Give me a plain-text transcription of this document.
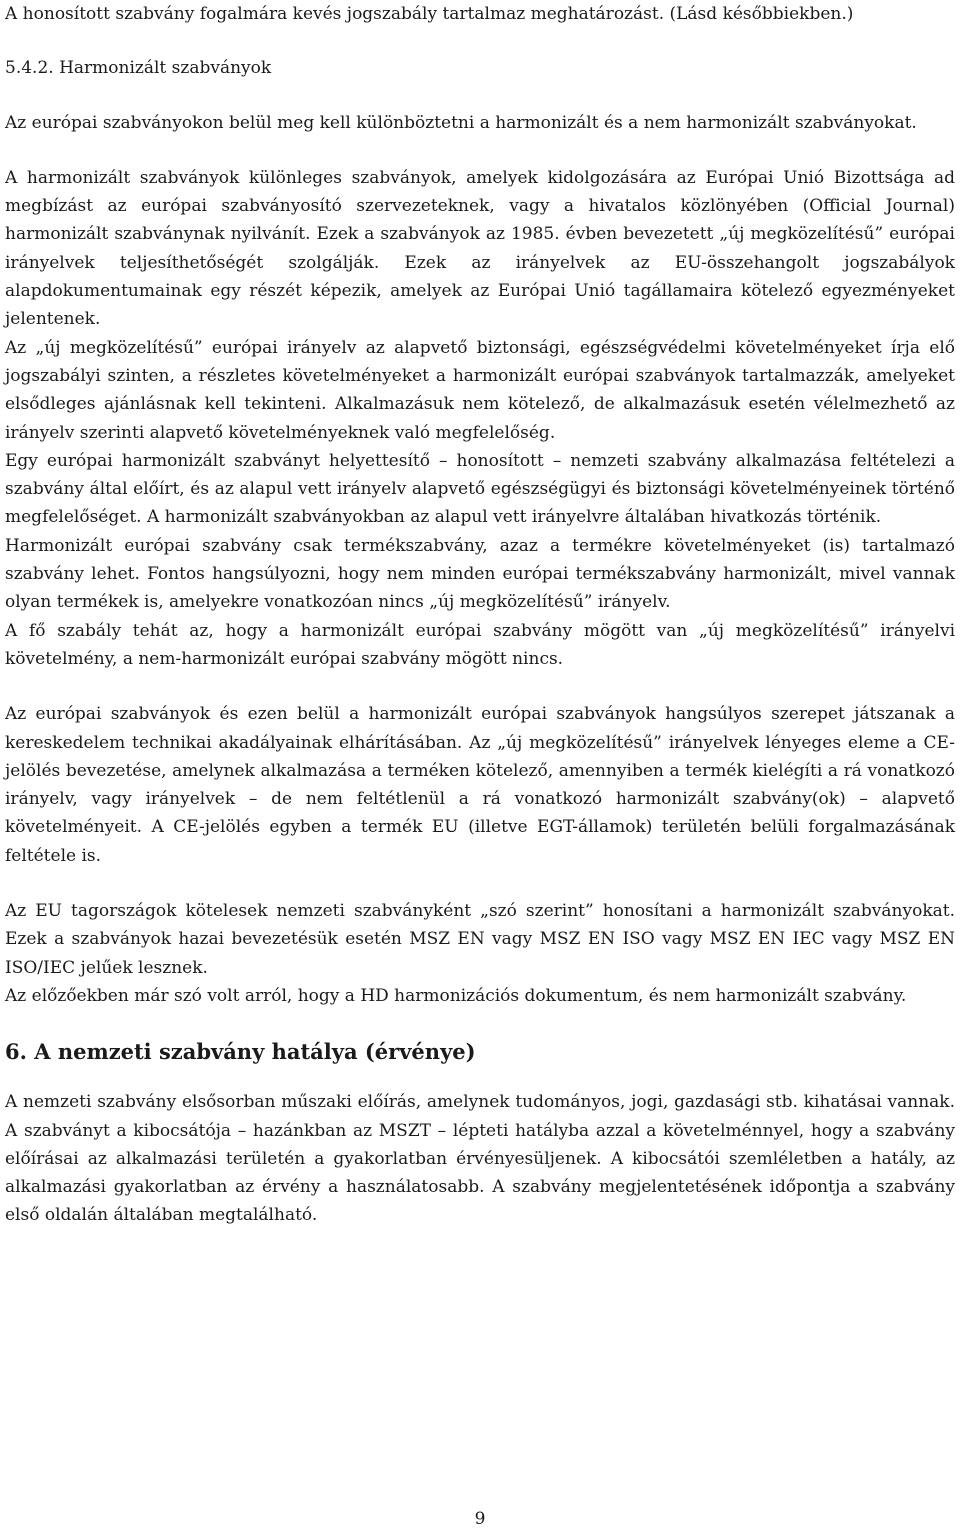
A honosított szabvány fogalmára kevés jogszabály tartalmaz meghatározást. (Lásd későbbiekben.)

5.4.2. Harmonizált szabványok

Az európai szabványokon belül meg kell különböztetni a harmonizált és a nem harmonizált szabványokat.

A harmonizált szabványok különleges szabványok, amelyek kidolgozására az Európai Unió Bizottsága ad megbízást az európai szabványosító szervezeteknek, vagy a hivatalos közlönyében (Official Journal) harmonizált szabványnak nyilvánít. Ezek a szabványok az 1985. évben bevezetett „új megközelítésű” európai irányelvek teljesíthetőségét szolgálják. Ezek az irányelvek az EU-összehangolt jogszabályok alapdokumentumainak egy részét képezik, amelyek az Európai Unió tagállamaira kötelező egyezményeket jelentenek.

Az „új megközelítésű” európai irányelv az alapvető biztonsági, egészségvédelmi követelményeket írja elő jogszabályi szinten, a részletes követelményeket a harmonizált európai szabványok tartalmazzák, amelyeket elsődleges ajánlásnak kell tekinteni. Alkalmazásuk nem kötelező, de alkalmazásuk esetén vélelmezhető az irányelv szerinti alapvető követelményeknek való megfelelőség.

Egy európai harmonizált szabványt helyettesítő – honosított – nemzeti szabvány alkalmazása feltételezi a szabvány által előírt, és az alapul vett irányelv alapvető egészségügyi és biztonsági követelményeinek történő megfelelőséget. A harmonizált szabványokban az alapul vett irányelvre általában hivatkozás történik.

Harmonizált európai szabvány csak termékszabvány, azaz a termékre követelményeket (is) tartalmazó szabvány lehet. Fontos hangsúlyozni, hogy nem minden európai termékszabvány harmonizált, mivel vannak olyan termékek is, amelyekre vonatkozóan nincs „új megközelítésű” irányelv.

A fő szabály tehát az, hogy a harmonizált európai szabvány mögött van „új megközelítésű” irányelvi követelmény, a nem-harmonizált európai szabvány mögött nincs.

Az európai szabványok és ezen belül a harmonizált európai szabványok hangsúlyos szerepet játszanak a kereskedelem technikai akadályainak elhárításában. Az „új megközelítésű” irányelvek lényeges eleme a CE-jelölés bevezetése, amelynek alkalmazása a terméken kötelező, amennyiben a termék kielégíti a rá vonatkozó irányelv, vagy irányelvek – de nem feltétlenül a rá vonatkozó harmonizált szabvány(ok) – alapvető követelményeit. A CE-jelölés egyben a termék EU (illetve EGT-államok) területén belüli forgalmazásának feltétele is.

Az EU tagországok kötelesek nemzeti szabványként „szó szerint” honosítani a harmonizált szabványokat. Ezek a szabványok hazai bevezetésük esetén MSZ EN vagy MSZ EN ISO vagy MSZ EN IEC vagy MSZ EN ISO/IEC jelűek lesznek.

Az előzőekben már szó volt arról, hogy a HD harmonizációs dokumentum, és nem harmonizált szabvány.

6. A nemzeti szabvány hatálya (érvénye)

A nemzeti szabvány elsősorban műszaki előírás, amelynek tudományos, jogi, gazdasági stb. kihatásai vannak. A szabványt a kibocsátója – hazánkban az MSZT – lépteti hatályba azzal a követelménnyel, hogy a szabvány előírásai az alkalmazási területén a gyakorlatban érvényesüljenek. A kibocsátói szemléletben a hatály, az alkalmazási gyakorlatban az érvény a használatosabb. A szabvány megjelentetésének időpontja a szabvány első oldalán általában megtalálható.

9
